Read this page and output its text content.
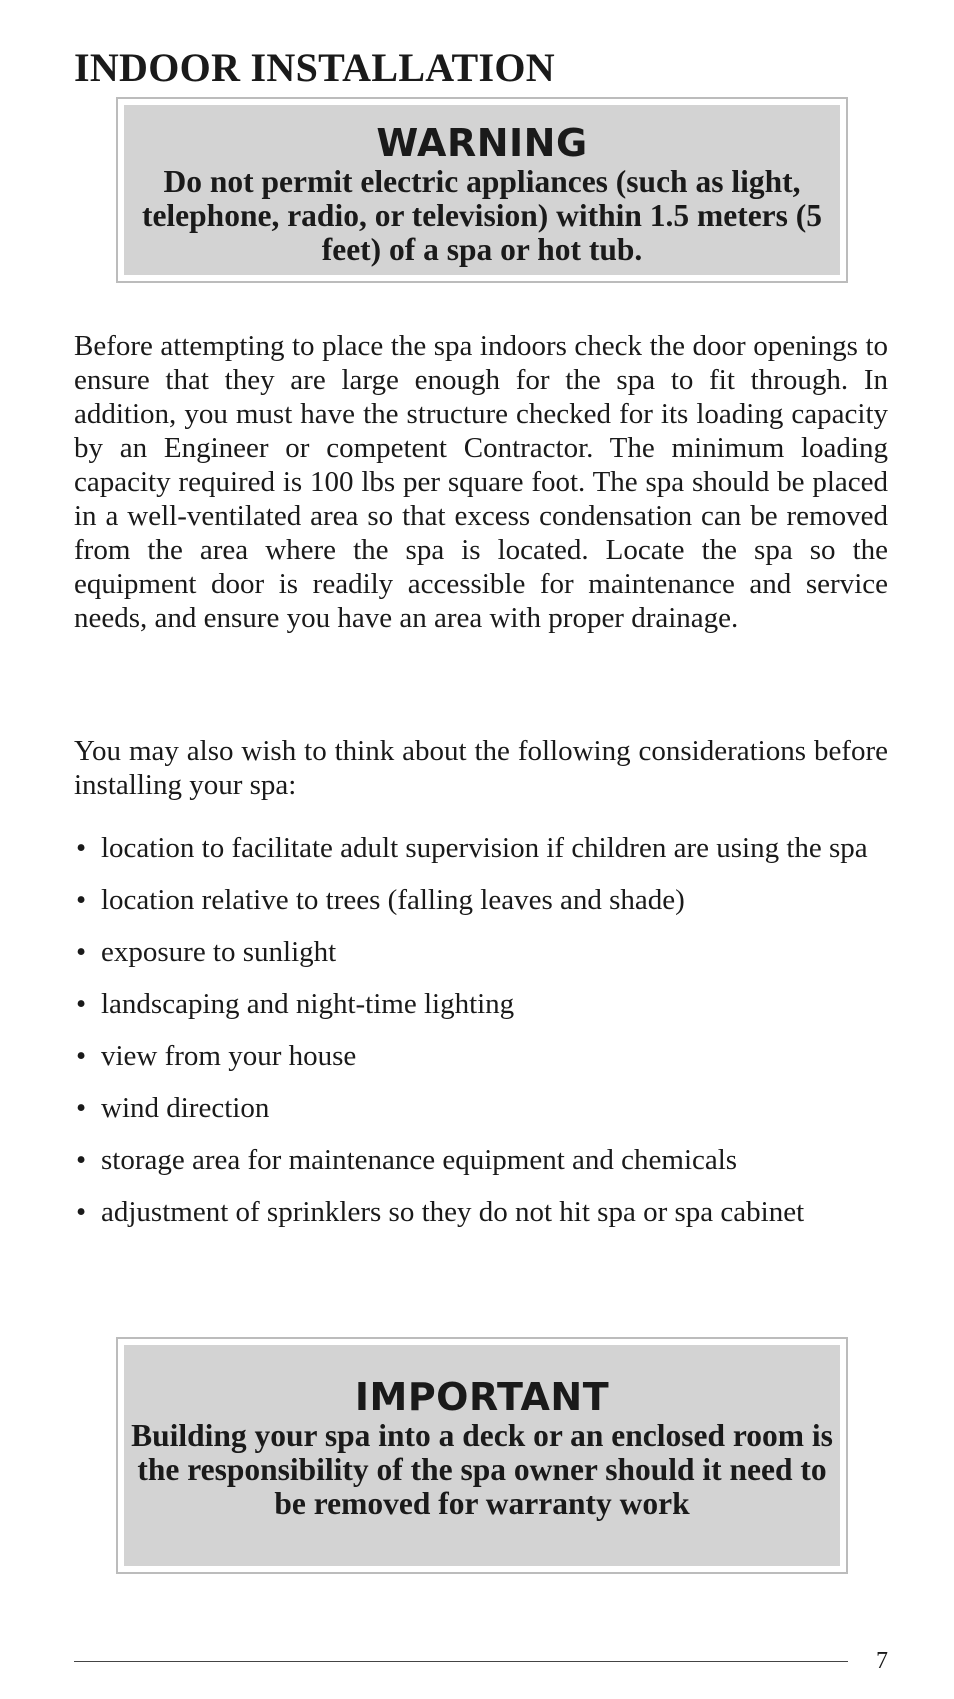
INDOOR INSTALLATION
WARNING
Do not permit electric appliances (such as light, telephone, radio, or television) within 1.5 meters (5 feet) of a spa or hot tub.

Before attempting to place the spa indoors check the door openings to ensure that they are large enough for the spa to fit through. In addition, you must have the structure checked for its loading capacity by an Engineer or competent Contractor. The minimum loading capacity required is 100 lbs per square foot. The spa should be placed in a well-ventilated area so that excess condensation can be removed from the area where the spa is located. Locate the spa so the equipment door is readily accessible for maintenance and service needs, and ensure you have an area with proper drainage.

You may also wish to think about the following considerations before installing your spa:

• location to facilitate adult supervision if children are using the spa
• location relative to trees (falling leaves and shade)
• exposure to sunlight
• landscaping and night-time lighting
• view from your house
• wind direction
• storage area for maintenance equipment and chemicals
• adjustment of sprinklers so they do not hit spa or spa cabinet
IMPORTANT
Building your spa into a deck or an enclosed room is the responsibility of the spa owner should it need to be removed for warranty work
7
